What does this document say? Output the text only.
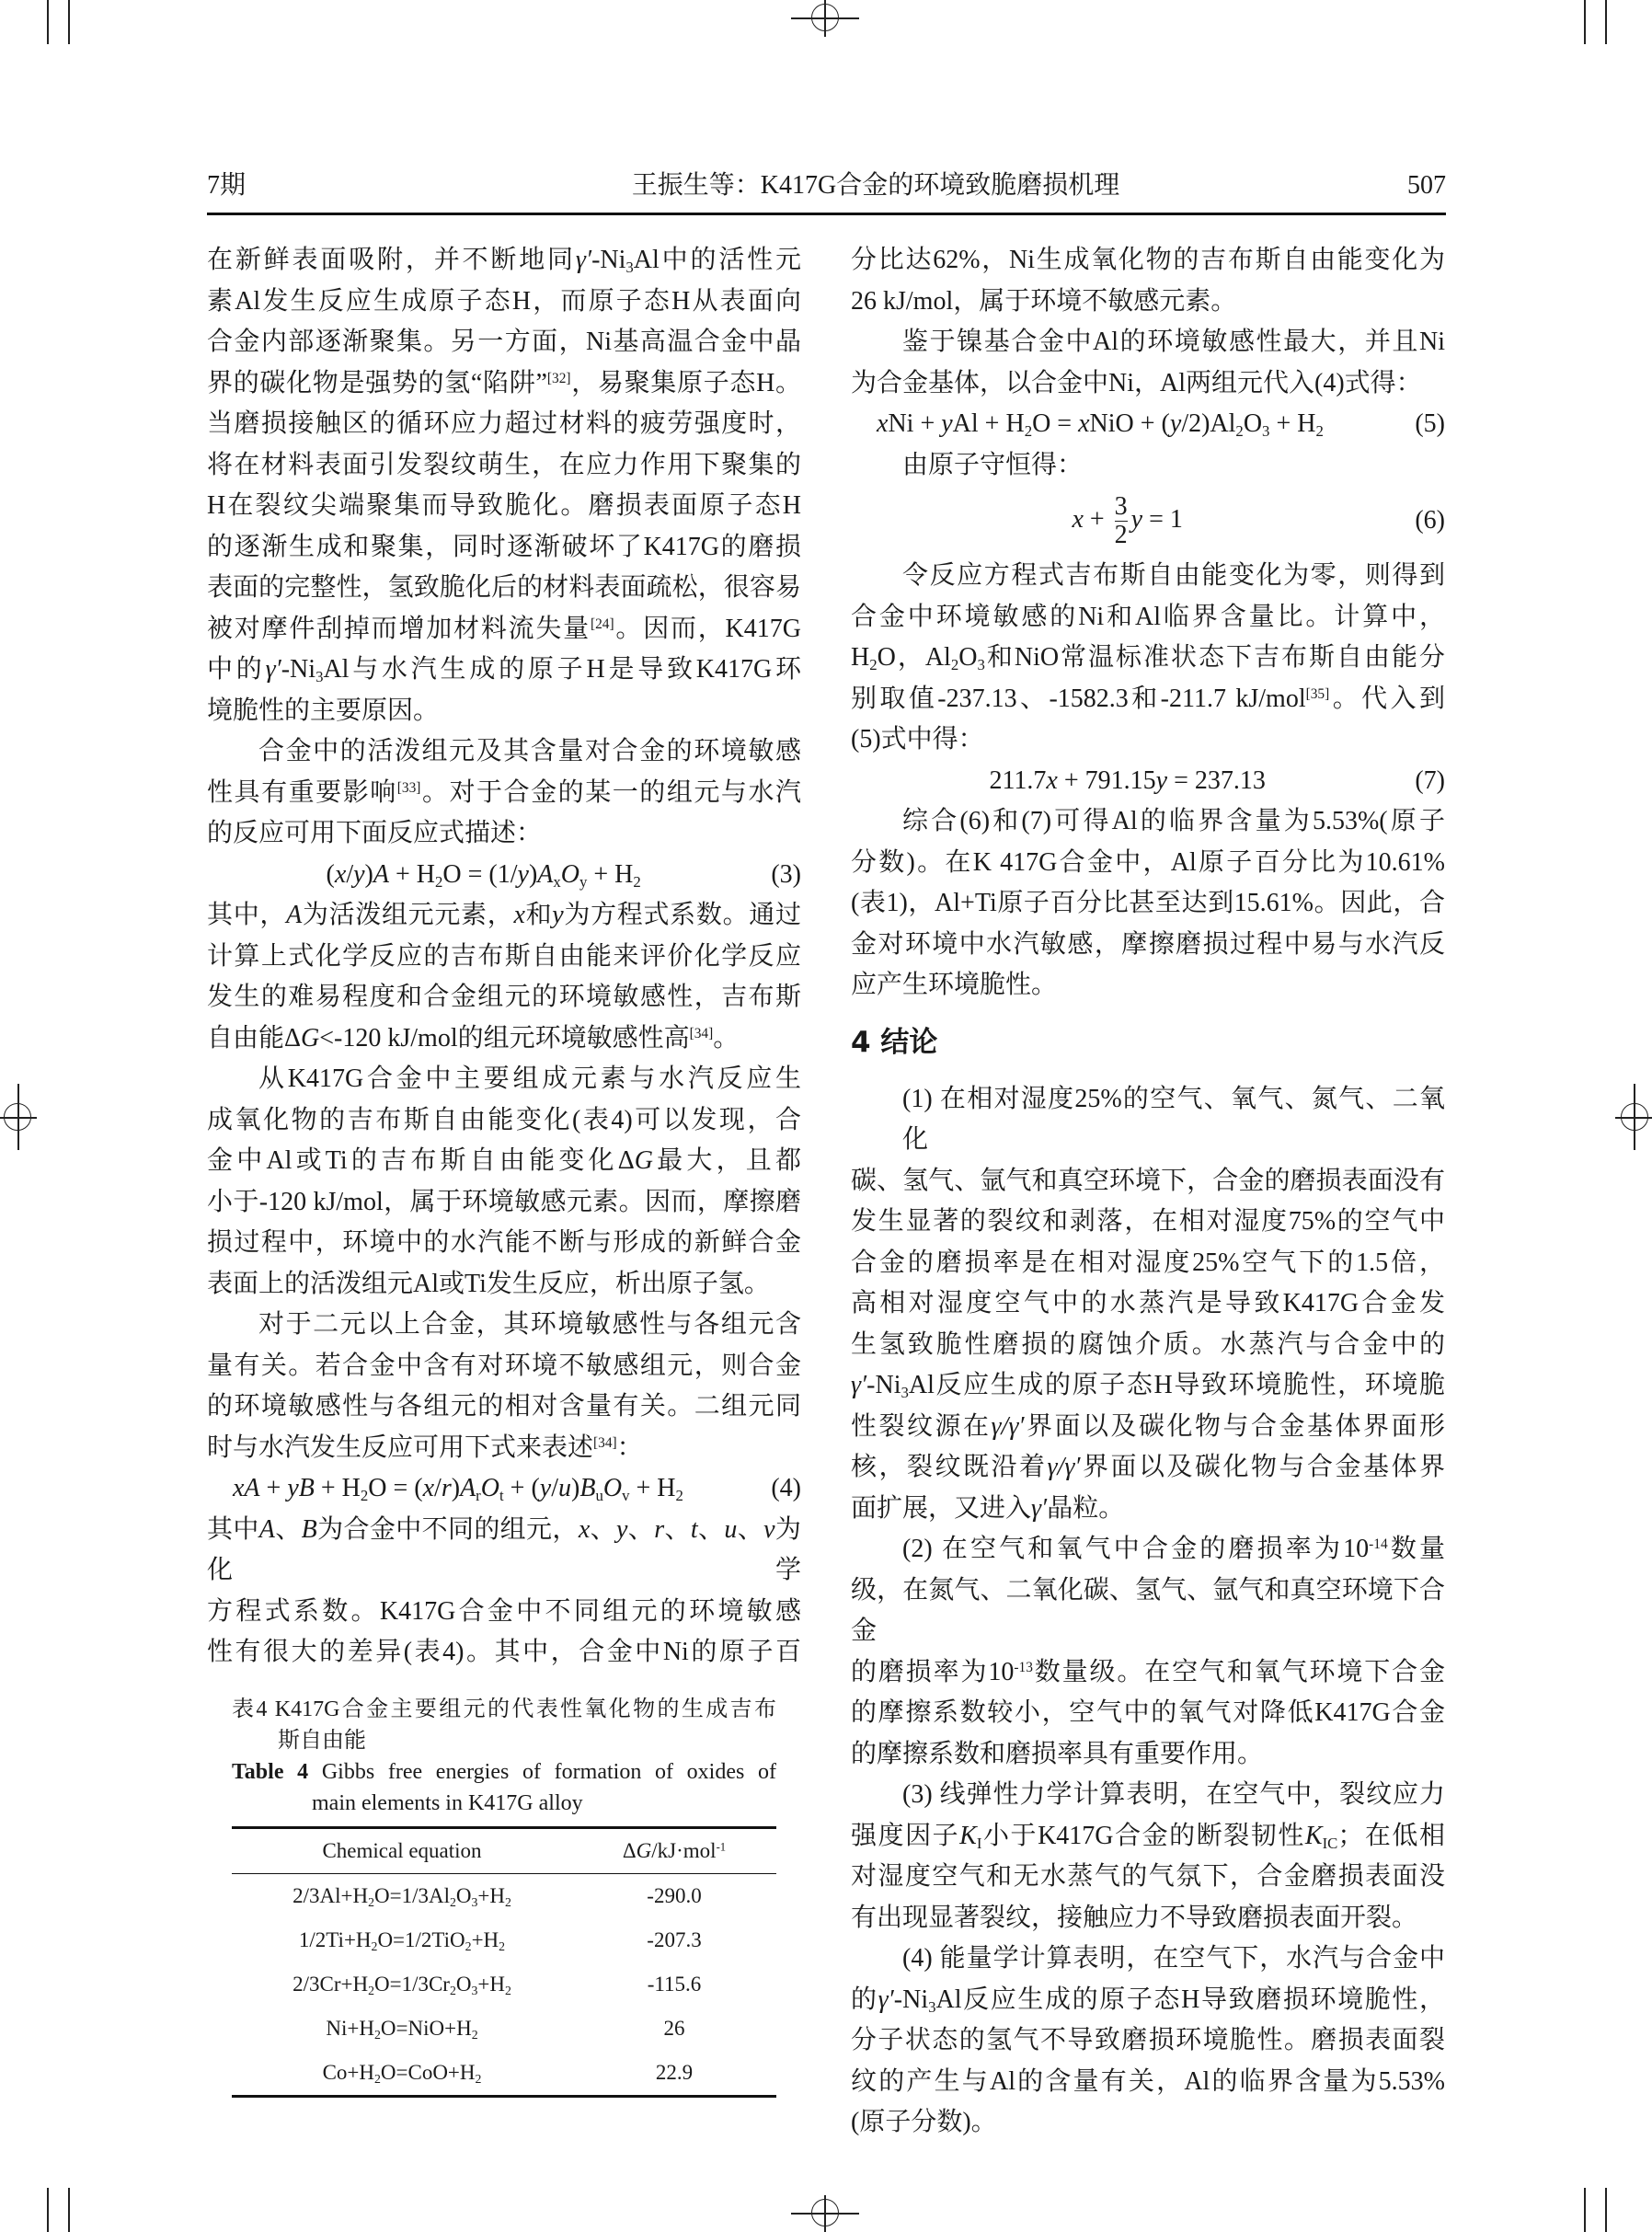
7期	王振生等：K417G合金的环境致脆磨损机理	507
在新鲜表面吸附，并不断地同$\gamma'-Ni_3Al$中的活性元
素Al发生反应生成原子态H，而原子态H从表面向
合金内部逐渐聚集。另一方面，Ni基高温合金中晶
界的碳化物是强势的氢“陷阱”[32]，易聚集原子态H。
当磨损接触区的循环应力超过材料的疲劳强度时，
将在材料表面引发裂纹萌生，在应力作用下聚集的
H在裂纹尖端聚集而导致脆化。磨损表面原子态H
的逐渐生成和聚集，同时逐渐破坏了K417G的磨损
表面的完整性，氢致脆化后的材料表面疏松，很容易
被对摩件刮掉而增加材料流失量[24]。因而，K417G
中的$\gamma'-Ni_3Al$与水汽生成的原子H是导致K417G环
境脆性的主要原因。
合金中的活泼组元及其含量对合金的环境敏感
性具有重要影响[33]。对于合金的某一的组元与水汽
的反应可用下面反应式描述：
$(x/y)A + H_2O = (1/y)A_xO_y + H_2$	(3)
其中，A为活泼组元元素，x和y为方程式系数。通过
计算上式化学反应的吉布斯自由能来评价化学反应
发生的难易程度和合金组元的环境敏感性，吉布斯
自由能ΔG<-120 kJ/mol的组元环境敏感性高[34]。
从K417G合金中主要组成元素与水汽反应生
成氧化物的吉布斯自由能变化(表4)可以发现，合
金中Al或Ti的吉布斯自由能变化ΔG最大，且都
小于-120 kJ/mol，属于环境敏感元素。因而，摩擦磨
损过程中，环境中的水汽能不断与形成的新鲜合金
表面上的活泼组元Al或Ti发生反应，析出原子氢。
对于二元以上合金，其环境敏感性与各组元含
量有关。若合金中含有对环境不敏感组元，则合金
的环境敏感性与各组元的相对含量有关。二组元同
时与水汽发生反应可用下式来表述[34]：
xA + yB + $H_2O = (x/r)A_rO_t + (y/u)B_uO_v + H_2$	(4)
其中A、B为合金中不同的组元，x、y、r、t、u、v为化学
方程式系数。K417G合金中不同组元的环境敏感
性有很大的差异(表4)。其中，合金中Ni的原子百
表4 K417G合金主要组元的代表性氧化物的生成吉布
斯自由能
Table 4 Gibbs free energies of formation of oxides of
main elements in K417G alloy
Chemical equation	ΔG/kJ·mol$^{-1}$
$2/3Al+H_2O=1/3Al_2O_3+H_2$	-290.0
$1/2Ti+H_2O=1/2TiO_2+H_2$	-207.3
$2/3Cr+H_2O=1/3Cr_2O_3+H_2$	-115.6
$Ni+H_2O=NiO+H_2$	26
$Co+H_2O=CoO+H_2$	22.9
分比达62%，Ni生成氧化物的吉布斯自由能变化为
26 kJ/mol，属于环境不敏感元素。
鉴于镍基合金中Al的环境敏感性最大，并且Ni
为合金基体，以合金中Ni，Al两组元代入(4)式得：
xNi + yAl + $H_2O$ = xNiO + $(y/2)Al_2O_3 + H_2$	(5)
由原子守恒得：
$x + \frac{3}{2}$ y = 1	(6)
令反应方程式吉布斯自由能变化为零，则得到
合金中环境敏感的Ni和Al临界含量比。计算中，
$H_2O$，$Al_2O_3$和NiO常温标准状态下吉布斯自由能分
别取值-237.13、-1582.3和-211.7 kJ/mol[35]。代入到
(5)式中得：
211.7x + 791.15y = 237.13	(7)
综合(6)和(7)可得Al的临界含量为5.53%(原子
分数)。在K 417G合金中，Al原子百分比为10.61%
(表1)，Al+Ti原子百分比甚至达到15.61%。因此，合
金对环境中水汽敏感，摩擦磨损过程中易与水汽反
应产生环境脆性。
4 结论
(1) 在相对湿度25%的空气、氧气、氮气、二氧化
碳、氢气、氩气和真空环境下，合金的磨损表面没有
发生显著的裂纹和剥落，在相对湿度75%的空气中
合金的磨损率是在相对湿度25%空气下的1.5倍，
高相对湿度空气中的水蒸汽是导致K417G合金发
生氢致脆性磨损的腐蚀介质。水蒸汽与合金中的
$\gamma'-Ni_3Al$反应生成的原子态H导致环境脆性，环境脆
性裂纹源在γ/γ′界面以及碳化物与合金基体界面形
核，裂纹既沿着γ/γ′界面以及碳化物与合金基体界
面扩展，又进入γ′晶粒。
(2) 在空气和氧气中合金的磨损率为$10^{-14}$数量
级，在氮气、二氧化碳、氢气、氩气和真空环境下合金
的磨损率为$10^{-13}$数量级。在空气和氧气环境下合金
的摩擦系数较小，空气中的氧气对降低K417G合金
的摩擦系数和磨损率具有重要作用。
(3) 线弹性力学计算表明，在空气中，裂纹应力
强度因子$K_I$小于K417G合金的断裂韧性$K_{IC}$；在低相
对湿度空气和无水蒸气的气氛下，合金磨损表面没
有出现显著裂纹，接触应力不导致磨损表面开裂。
(4) 能量学计算表明，在空气下，水汽与合金中
的$\gamma'-Ni_3Al$反应生成的原子态H导致磨损环境脆性，
分子状态的氢气不导致磨损环境脆性。磨损表面裂
纹的产生与Al的含量有关，Al的临界含量为5.53%
(原子分数)。
